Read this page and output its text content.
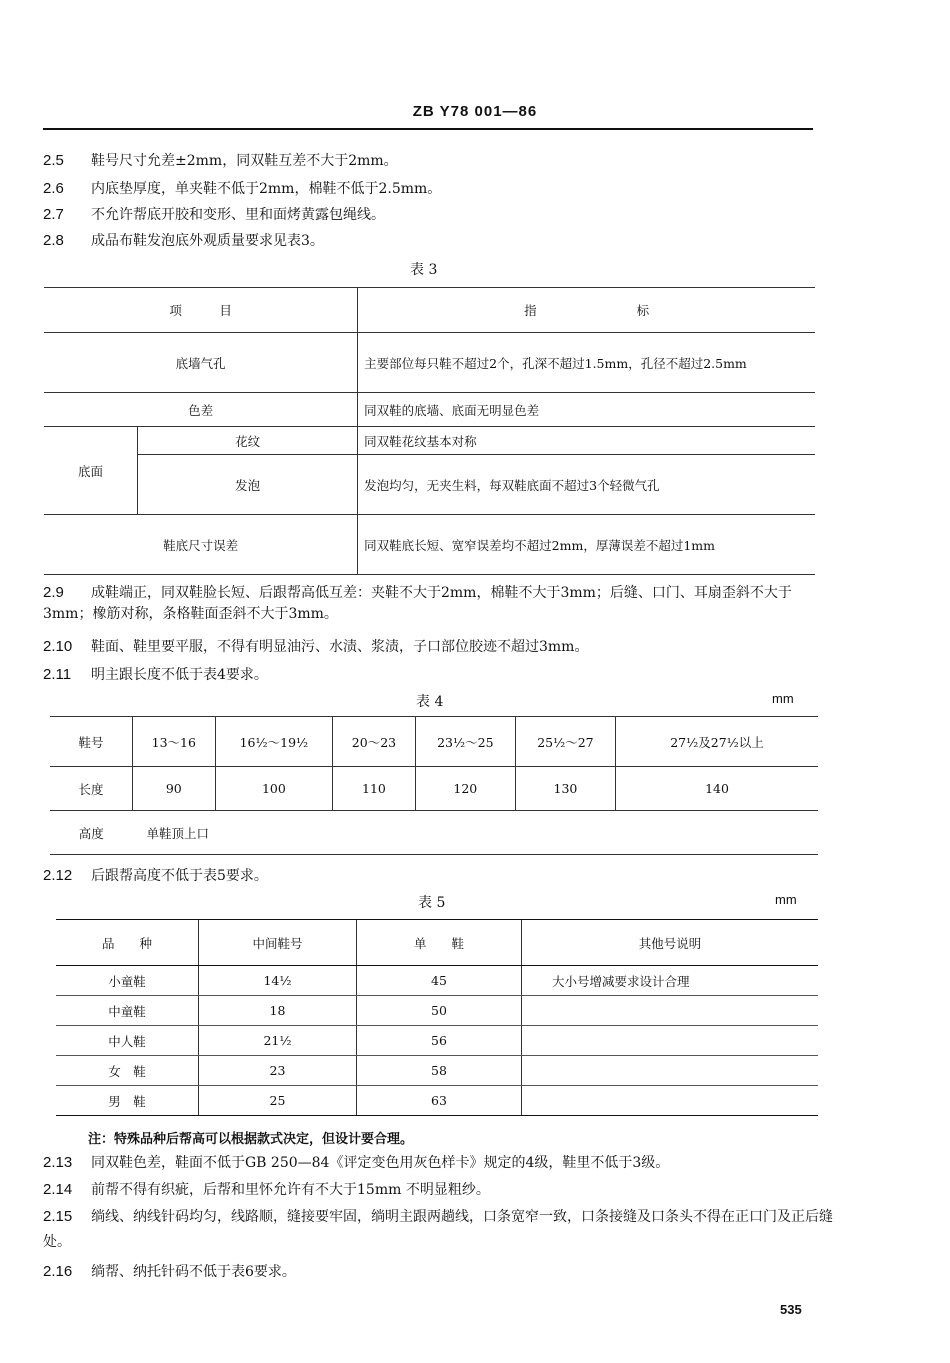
ZB Y78 001—86
2.5 鞋号尺寸允差±2mm，同双鞋互差不大于2mm。
2.6 内底垫厚度，单夹鞋不低于2mm，棉鞋不低于2.5mm。
2.7 不允许帮底开胶和变形、里和面烤黄露包绳线。
2.8 成品布鞋发泡底外观质量要求见表3。
表 3
项　　　目		指　　　　　　　　标
底墙气孔		主要部位每只鞋不超过2个，孔深不超过1.5mm，孔径不超过2.5mm
色差		同双鞋的底墙、底面无明显色差
底面	花纹	同双鞋花纹基本对称
	发泡	发泡均匀，无夹生料，每双鞋底面不超过3个轻微气孔
鞋底尺寸误差		同双鞋底长短、宽窄误差均不超过2mm，厚薄误差不超过1mm
2.9 成鞋端正，同双鞋脸长短、后跟帮高低互差：夹鞋不大于2mm，棉鞋不大于3mm；后缝、口门、耳扇歪斜不大于3mm；橡筋对称，条格鞋面歪斜不大于3mm。
2.10 鞋面、鞋里要平服，不得有明显油污、水渍、浆渍，子口部位胶迹不超过3mm。
2.11 明主跟长度不低于表4要求。
表 4	mm
鞋号	13～16	16½～19½	20～23	23½～25	25½～27	27½及27½以上
长度	90	100	110	120	130	140
高度	单鞋顶上口					
2.12 后跟帮高度不低于表5要求。
表 5	mm
品　　种	中间鞋号	单　　鞋	其他号说明
小童鞋	14½	45	大小号增减要求设计合理
中童鞋	18	50	
中人鞋	21½	56	
女　鞋	23	58	
男　鞋	25	63	
注：特殊品种后帮高可以根据款式决定，但设计要合理。
2.13 同双鞋色差，鞋面不低于GB 250—84《评定变色用灰色样卡》规定的4级，鞋里不低于3级。
2.14 前帮不得有织疵，后帮和里怀允许有不大于15mm 不明显粗纱。
2.15 绱线、纳线针码均匀，线路顺，缝接要牢固，绱明主跟两趟线，口条宽窄一致，口条接缝及口条头不得在正口门及正后缝处。
2.16 绱帮、纳托针码不低于表6要求。
535
